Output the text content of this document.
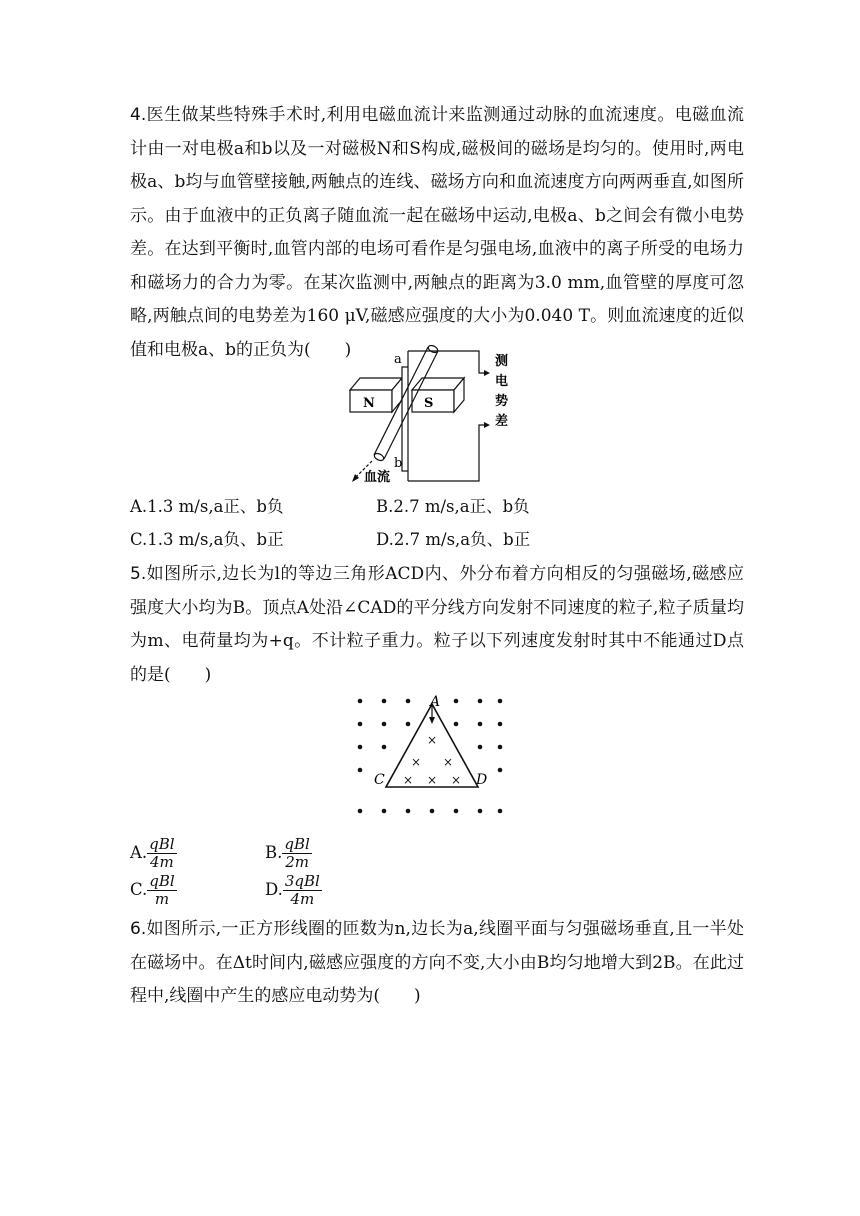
4.医生做某些特殊手术时,利用电磁血流计来监测通过动脉的血流速度。电磁血流计由一对电极a和b以及一对磁极N和S构成,磁极间的磁场是均匀的。使用时,两电极a、b均与血管壁接触,两触点的连线、磁场方向和血流速度方向两两垂直,如图所示。由于血液中的正负离子随血流一起在磁场中运动,电极a、b之间会有微小电势差。在达到平衡时,血管内部的电场可看作是匀强电场,血液中的离子所受的电场力和磁场力的合力为零。在某次监测中,两触点的距离为3.0 mm,血管壁的厚度可忽略,两触点间的电势差为160 μV,磁感应强度的大小为0.040 T。则血流速度的近似值和电极a、b的正负为(　　)	a
b
N	S
血流
测
电
势
差
A.1.3 m/s,a正、b负	B.2.7 m/s,a正、b负
C.1.3 m/s,a负、b正	D.2.7 m/s,a负、b正

5.如图所示,边长为l的等边三角形ACD内、外分布着方向相反的匀强磁场,磁感应强度大小均为B。顶点A处沿∠CAD的平分线方向发射不同速度的粒子,粒子质量均为m、电荷量均为+q。不计粒子重力。粒子以下列速度发射时其中不能通过D点的是(　　)

×
× ×
× × ×
A
C	D
A. $\frac{\text{qBl}}{4m}$	B. $\frac{\text{qBl}}{2m}$
C. $\frac{\text{qBl}}{m}$	D. $\frac{\text{3qBl}}{4m}$

6.如图所示,一正方形线圈的匝数为n,边长为a,线圈平面与匀强磁场垂直,且一半处在磁场中。在Δt时间内,磁感应强度的方向不变,大小由B均匀地增大到2B。在此过程中,线圈中产生的感应电动势为(　　)
